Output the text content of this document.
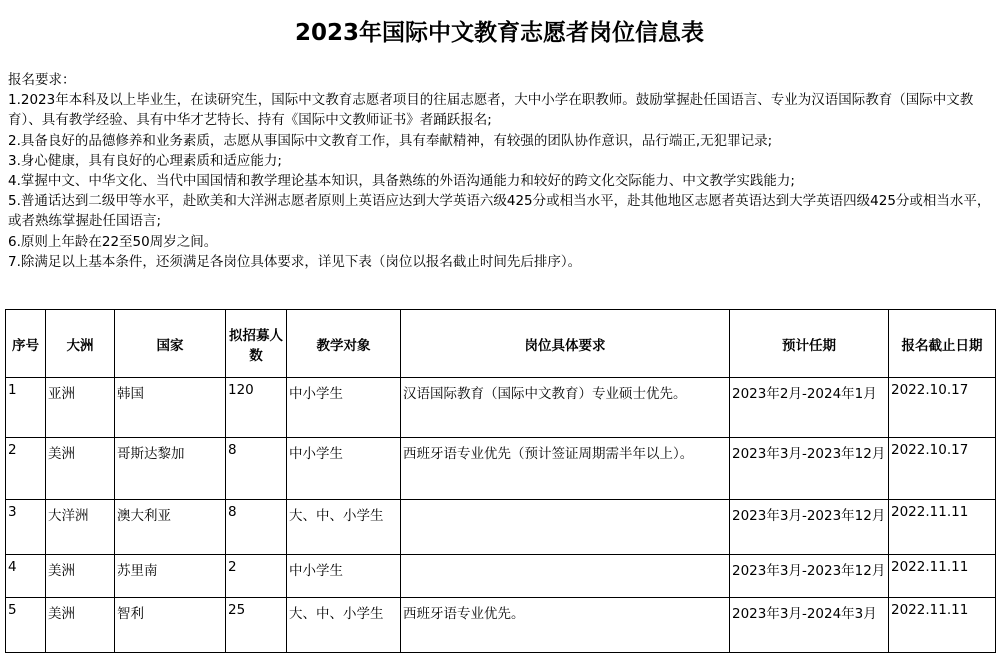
2023年国际中文教育志愿者岗位信息表
报名要求：
1.2023年本科及以上毕业生，在读研究生，国际中文教育志愿者项目的往届志愿者，大中小学在职教师。鼓励掌握赴任国语言、专业为汉语国际教育（国际中文教育）、具有教学经验、具有中华才艺特长、持有《国际中文教师证书》者踊跃报名;
2.具备良好的品德修养和业务素质，志愿从事国际中文教育工作，具有奉献精神，有较强的团队协作意识，品行端正,无犯罪记录;
3.身心健康，具有良好的心理素质和适应能力;
4.掌握中文、中华文化、当代中国国情和教学理论基本知识，具备熟练的外语沟通能力和较好的跨文化交际能力、中文教学实践能力;
5.普通话达到二级甲等水平，赴欧美和大洋洲志愿者原则上英语应达到大学英语六级425分或相当水平，赴其他地区志愿者英语达到大学英语四级425分或相当水平，或者熟练掌握赴任国语言;
6.原则上年龄在22至50周岁之间。
7.除满足以上基本条件，还须满足各岗位具体要求，详见下表（岗位以报名截止时间先后排序）。
序号	大洲	国家	拟招募人数	教学对象	岗位具体要求	预计任期	报名截止日期
1	亚洲	韩国	120	中小学生	汉语国际教育（国际中文教育）专业硕士优先。	2023年2月-2024年1月	2022.10.17
2	美洲	哥斯达黎加	8	中小学生	西班牙语专业优先（预计签证周期需半年以上）。	2023年3月-2023年12月	2022.10.17
3	大洋洲	澳大利亚	8	大、中、小学生		2023年3月-2023年12月	2022.11.11
4	美洲	苏里南	2	中小学生		2023年3月-2023年12月	2022.11.11
5	美洲	智利	25	大、中、小学生	西班牙语专业优先。	2023年3月-2024年3月	2022.11.11
